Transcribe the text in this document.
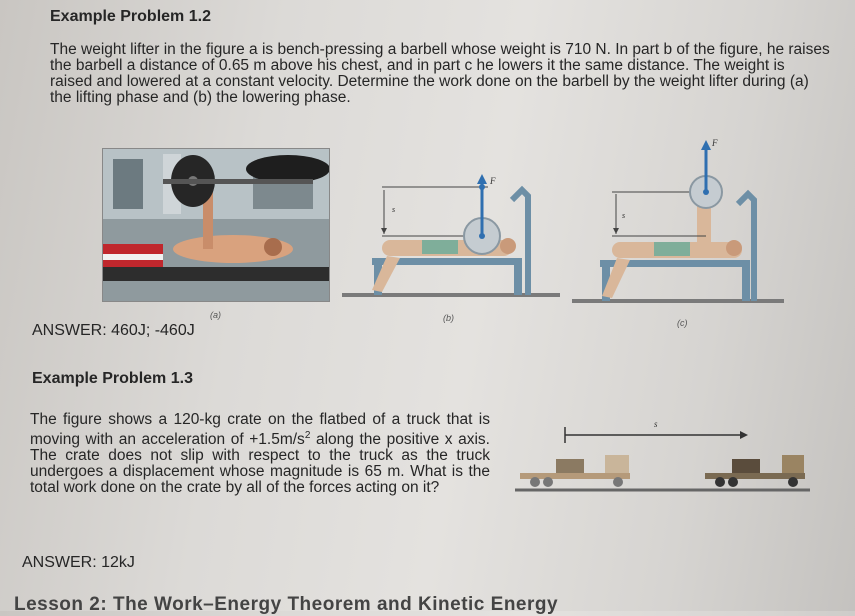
Example Problem 1.2
The weight lifter in the figure a is bench-pressing a barbell whose weight is 710 N. In part b of the figure, he raises the barbell a distance of 0.65 m above his chest, and in part c he lowers it the same distance. The weight is raised and lowered at a constant velocity. Determine the work done on the barbell by the weight lifter during (a) the lifting phase and (b) the lowering phase.
(a)
F
s
(b)
F
s
(c)
ANSWER: 460J; -460J
Example Problem 1.3
The figure shows a 120-kg crate on the flatbed of a truck that is moving with an acceleration of $+1.5m/s^2$ along the positive x axis. The crate does not slip with respect to the truck as the truck undergoes a displacement whose magnitude is 65 m. What is the total work done on the crate by all of the forces acting on it?
s
ANSWER: 12kJ
Lesson 2: The Work–Energy Theorem and Kinetic Energy
